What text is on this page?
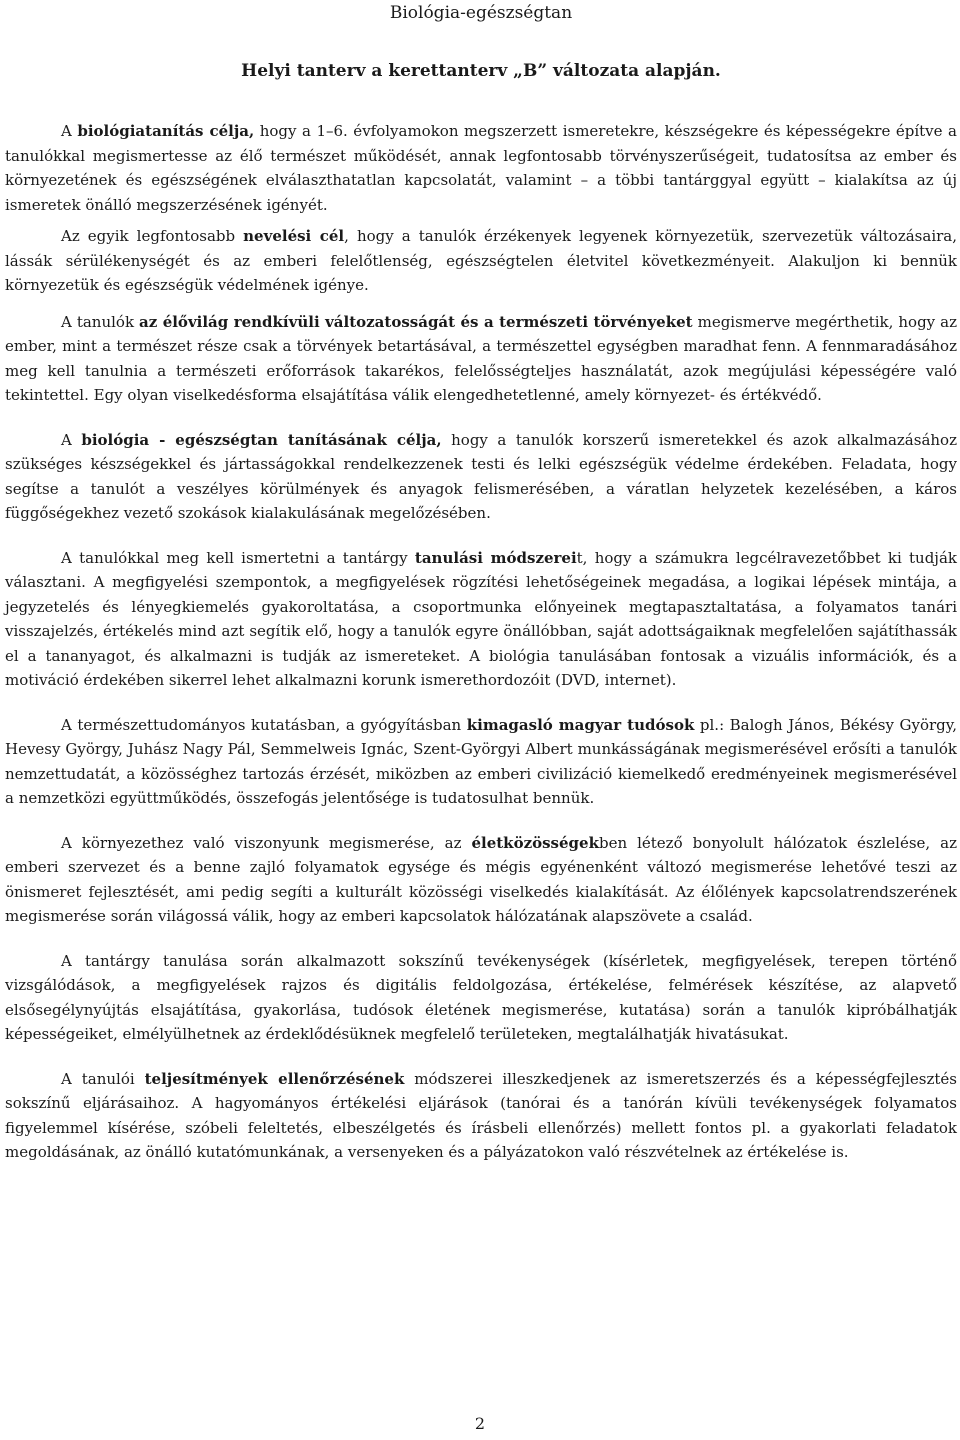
Biológia-egészségtan
Helyi tanterv a kerettanterv „B” változata alapján.

A biológiatanítás célja, hogy a 1–6. évfolyamokon megszerzett ismeretekre, készségekre és képességekre építve a tanulókkal megismertesse az élő természet működését, annak legfontosabb törvényszerűségeit, tudatosítsa az ember és környezetének és egészségének elválaszthatatlan kapcsolatát, valamint – a többi tantárggyal együtt – kialakítsa az új ismeretek önálló megszerzésének igényét.

Az egyik legfontosabb nevelési cél, hogy a tanulók érzékenyek legyenek környezetük, szervezetük változásaira, lássák sérülékenységét és az emberi felelőtlenség, egészségtelen életvitel következményeit. Alakuljon ki bennük környezetük és egészségük védelmének igénye.

A tanulók az élővilág rendkívüli változatosságát és a természeti törvényeket megismerve megérthetik, hogy az ember, mint a természet része csak a törvények betartásával, a természettel egységben maradhat fenn. A fennmaradásához meg kell tanulnia a természeti erőforrások takarékos, felelősségteljes használatát, azok megújulási képességére való tekintettel. Egy olyan viselkedésforma elsajátítása válik elengedhetetlenné, amely környezet- és értékvédő.

A biológia - egészségtan tanításának célja, hogy a tanulók korszerű ismeretekkel és azok alkalmazásához szükséges készségekkel és jártasságokkal rendelkezzenek testi és lelki egészségük védelme érdekében. Feladata, hogy segítse a tanulót a veszélyes körülmények és anyagok felismerésében, a váratlan helyzetek kezelésében, a káros függőségekhez vezető szokások kialakulásának megelőzésében.

A tanulókkal meg kell ismertetni a tantárgy tanulási módszereit, hogy a számukra legcélravezetőbbet ki tudják választani. A megfigyelési szempontok, a megfigyelések rögzítési lehetőségeinek megadása, a logikai lépések mintája, a jegyzetelés és lényegkiemelés gyakoroltatása, a csoportmunka előnyeinek megtapasztaltatása, a folyamatos tanári visszajelzés, értékelés mind azt segítik elő, hogy a tanulók egyre önállóbban, saját adottságaiknak megfelelően sajátíthassák el a tananyagot, és alkalmazni is tudják az ismereteket. A biológia tanulásában fontosak a vizuális információk, és a motiváció érdekében sikerrel lehet alkalmazni korunk ismerethordozóit (DVD, internet).

A természettudományos kutatásban, a gyógyításban kimagasló magyar tudósok pl.: Balogh János, Békésy György, Hevesy György, Juhász Nagy Pál, Semmelweis Ignác, Szent-Györgyi Albert munkásságának megismerésével erősíti a tanulók nemzettudatát, a közösséghez tartozás érzését, miközben az emberi civilizáció kiemelkedő eredményeinek megismerésével a nemzetközi együttműködés, összefogás jelentősége is tudatosulhat bennük.

A környezethez való viszonyunk megismerése, az életközösségekben létező bonyolult hálózatok észlelése, az emberi szervezet és a benne zajló folyamatok egysége és mégis egyénenként változó megismerése lehetővé teszi az önismeret fejlesztését, ami pedig segíti a kulturált közösségi viselkedés kialakítását. Az élőlények kapcsolatrendszerének megismerése során világossá válik, hogy az emberi kapcsolatok hálózatának alapszövete a család.

A tantárgy tanulása során alkalmazott sokszínű tevékenységek (kísérletek, megfigyelések, terepen történő vizsgálódások, a megfigyelések rajzos és digitális feldolgozása, értékelése, felmérések készítése, az alapvető elsősegélynyújtás elsajátítása, gyakorlása, tudósok életének megismerése, kutatása) során a tanulók kipróbálhatják képességeiket, elmélyülhetnek az érdeklődésüknek megfelelő területeken, megtalálhatják hivatásukat.

A tanulói teljesítmények ellenőrzésének módszerei illeszkedjenek az ismeretszerzés és a képességfejlesztés sokszínű eljárásaihoz. A hagyományos értékelési eljárások (tanórai és a tanórán kívüli tevékenységek folyamatos figyelemmel kísérése, szóbeli feleltetés, elbeszélgetés és írásbeli ellenőrzés) mellett fontos pl. a gyakorlati feladatok megoldásának, az önálló kutatómunkának, a versenyeken és a pályázatokon való részvételnek az értékelése is.

2
